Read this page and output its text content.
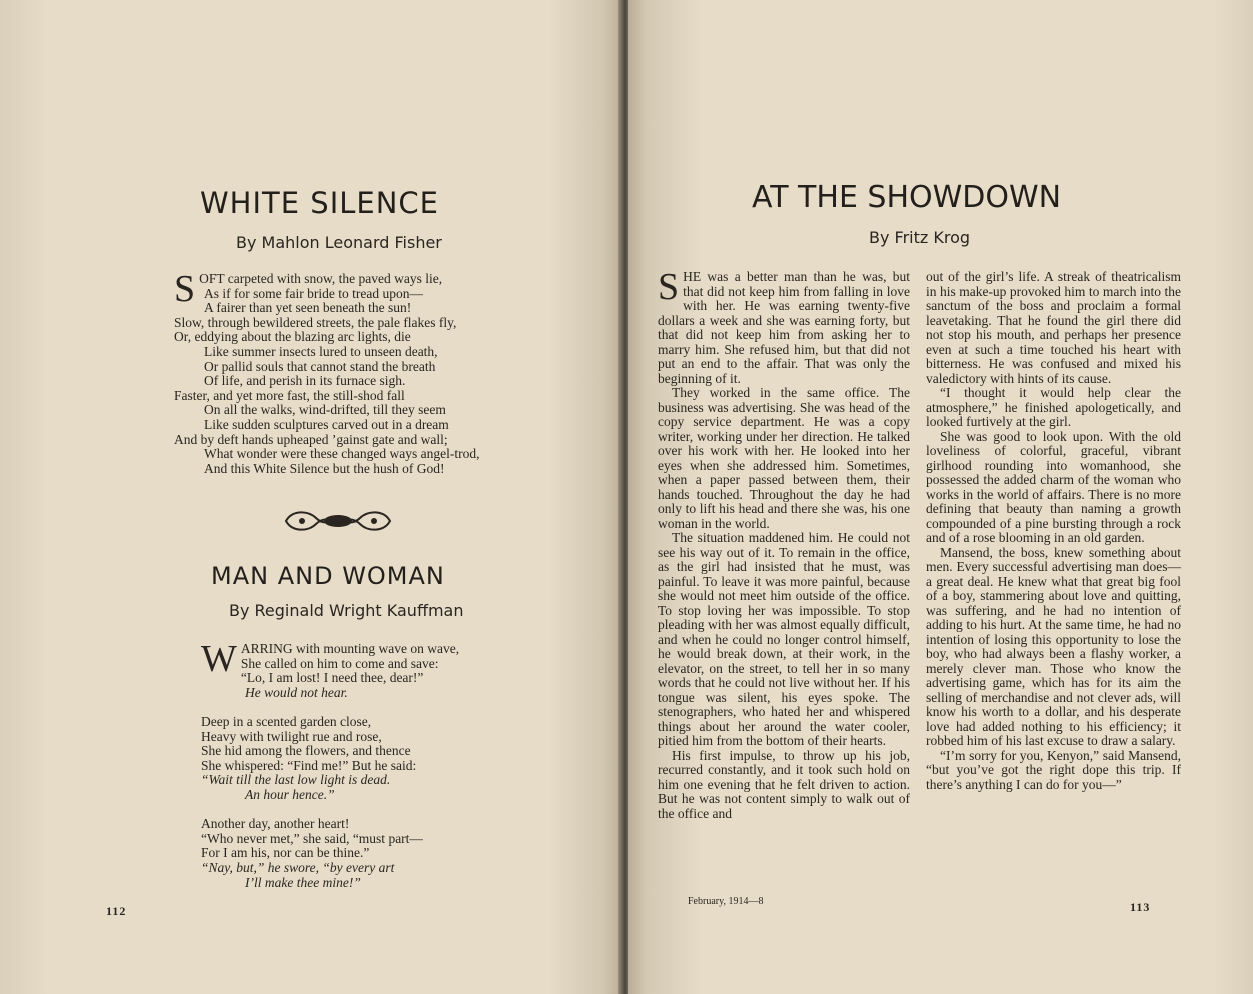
WHITE SILENCE
By Mahlon Leonard Fisher
SOFT carpeted with snow, the paved ways lie,
As if for some fair bride to tread upon—
A fairer than yet seen beneath the sun!
Slow, through bewildered streets, the pale flakes fly,
Or, eddying about the blazing arc lights, die
Like summer insects lured to unseen death,
Or pallid souls that cannot stand the breath
Of life, and perish in its furnace sigh.
Faster, and yet more fast, the still-shod fall
On all the walks, wind-drifted, till they seem
Like sudden sculptures carved out in a dream
And by deft hands upheaped ’gainst gate and wall;
What wonder were these changed ways angel-trod,
And this White Silence but the hush of God!
MAN AND WOMAN
By Reginald Wright Kauffman
WARRING with mounting wave on wave,
She called on him to come and save:
“Lo, I am lost! I need thee, dear!”
He would not hear.
Deep in a scented garden close,
Heavy with twilight rue and rose,
She hid among the flowers, and thence
She whispered: “Find me!” But he said:
“Wait till the last low light is dead.
An hour hence.”
Another day, another heart!
“Who never met,” she said, “must part—
For I am his, nor can be thine.”
“Nay, but,” he swore, “by every art
I’ll make thee mine!”
112
AT THE SHOWDOWN
By Fritz Krog

SHE was a better man than he was, but that did not keep him from falling in love with her. He was earning twenty-five dollars a week and she was earning forty, but that did not keep him from asking her to marry him. She refused him, but that did not put an end to the affair. That was only the beginning of it.

They worked in the same office. The business was advertising. She was head of the copy service department. He was a copy writer, working under her direction. He talked over his work with her. He looked into her eyes when she addressed him. Sometimes, when a paper passed between them, their hands touched. Throughout the day he had only to lift his head and there she was, his one woman in the world.

The situation maddened him. He could not see his way out of it. To remain in the office, as the girl had insisted that he must, was painful. To leave it was more painful, because she would not meet him outside of the office. To stop loving her was impossible. To stop pleading with her was almost equally difficult, and when he could no longer control himself, he would break down, at their work, in the elevator, on the street, to tell her in so many words that he could not live without her. If his tongue was silent, his eyes spoke. The stenographers, who hated her and whispered things about her around the water cooler, pitied him from the bottom of their hearts.

His first impulse, to throw up his job, recurred constantly, and it took such hold on him one evening that he felt driven to action. But he was not content simply to walk out of the office and

out of the girl’s life. A streak of theatricalism in his make-up provoked him to march into the sanctum of the boss and proclaim a formal leavetaking. That he found the girl there did not stop his mouth, and perhaps her presence even at such a time touched his heart with bitterness. He was confused and mixed his valedictory with hints of its cause.

“I thought it would help clear the atmosphere,” he finished apologetically, and looked furtively at the girl.

She was good to look upon. With the old loveliness of colorful, graceful, vibrant girlhood rounding into womanhood, she possessed the added charm of the woman who works in the world of affairs. There is no more defining that beauty than naming a growth compounded of a pine bursting through a rock and of a rose blooming in an old garden.

Mansend, the boss, knew something about men. Every successful advertising man does—a great deal. He knew what that great big fool of a boy, stammering about love and quitting, was suffering, and he had no intention of adding to his hurt. At the same time, he had no intention of losing this opportunity to lose the boy, who had always been a flashy worker, a merely clever man. Those who know the advertising game, which has for its aim the selling of merchandise and not clever ads, will know his worth to a dollar, and his desperate love had added nothing to his efficiency; it robbed him of his last excuse to draw a salary.

“I’m sorry for you, Kenyon,” said Mansend, “but you’ve got the right dope this trip. If there’s anything I can do for you—”

February, 1914—8	113
